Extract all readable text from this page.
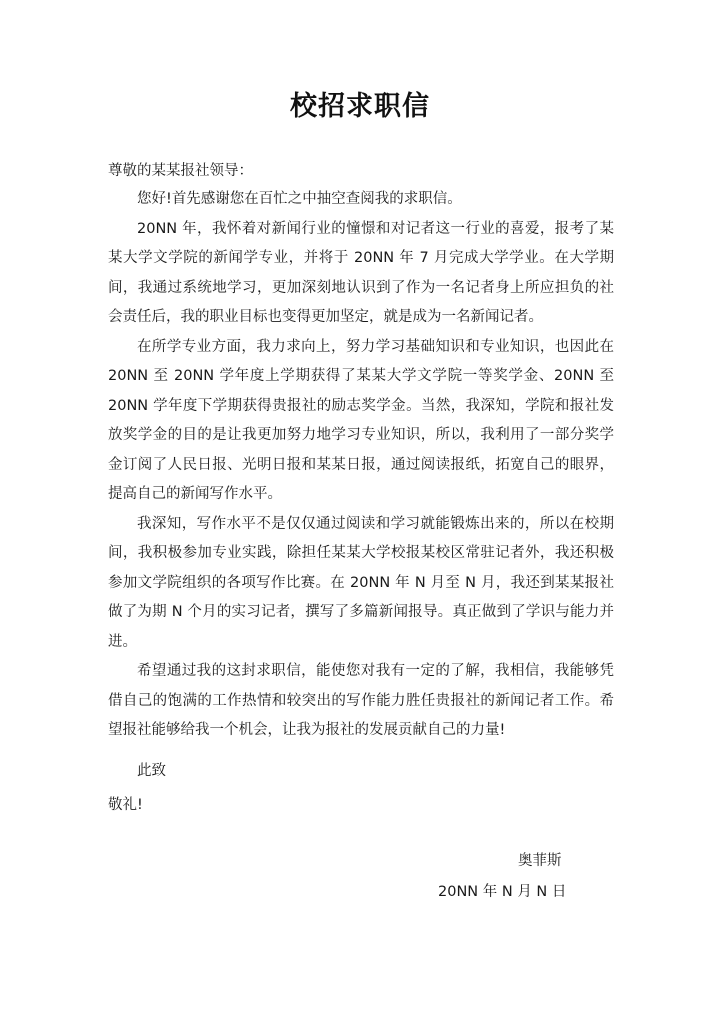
校招求职信
尊敬的某某报社领导：

您好!首先感谢您在百忙之中抽空查阅我的求职信。

20NN 年，我怀着对新闻行业的憧憬和对记者这一行业的喜爱，报考了某某大学文学院的新闻学专业，并将于 20NN 年 7 月完成大学学业。在大学期间，我通过系统地学习，更加深刻地认识到了作为一名记者身上所应担负的社会责任后，我的职业目标也变得更加坚定，就是成为一名新闻记者。

在所学专业方面，我力求向上，努力学习基础知识和专业知识，也因此在 20NN 至 20NN 学年度上学期获得了某某大学文学院一等奖学金、20NN 至 20NN 学年度下学期获得贵报社的励志奖学金。当然，我深知，学院和报社发放奖学金的目的是让我更加努力地学习专业知识，所以，我利用了一部分奖学金订阅了人民日报、光明日报和某某日报，通过阅读报纸，拓宽自己的眼界，提高自己的新闻写作水平。

我深知，写作水平不是仅仅通过阅读和学习就能锻炼出来的，所以在校期间，我积极参加专业实践，除担任某某大学校报某校区常驻记者外，我还积极参加文学院组织的各项写作比赛。在 20NN 年 N 月至 N 月，我还到某某报社做了为期 N 个月的实习记者，撰写了多篇新闻报导。真正做到了学识与能力并进。

希望通过我的这封求职信，能使您对我有一定的了解，我相信，我能够凭借自己的饱满的工作热情和较突出的写作能力胜任贵报社的新闻记者工作。希望报社能够给我一个机会，让我为报社的发展贡献自己的力量!

此致
敬礼!
奥菲斯
20NN 年 N 月 N 日
